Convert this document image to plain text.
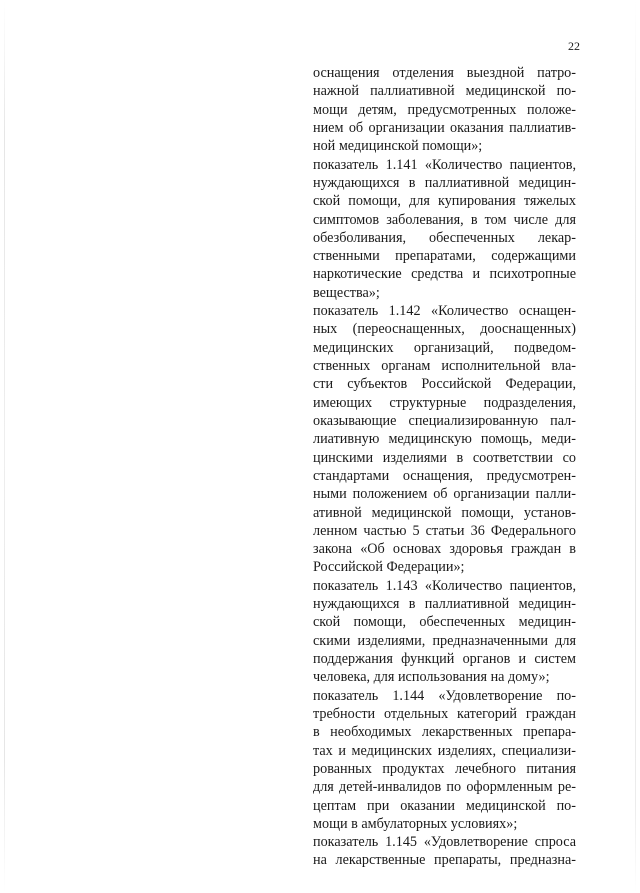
22
оснащения отделения выездной патро-
нажной паллиативной медицинской по-
мощи детям, предусмотренных положе-
нием об организации оказания паллиатив-
ной медицинской помощи»;
показатель 1.141 «Количество пациентов,
нуждающихся в паллиативной медицин-
ской помощи, для купирования тяжелых
симптомов заболевания, в том числе для
обезболивания, обеспеченных лекар-
ственными препаратами, содержащими
наркотические средства и психотропные
вещества»;
показатель 1.142 «Количество оснащен-
ных (переоснащенных, дооснащенных)
медицинских организаций, подведом-
ственных органам исполнительной вла-
сти субъектов Российской Федерации,
имеющих структурные подразделения,
оказывающие специализированную пал-
лиативную медицинскую помощь, меди-
цинскими изделиями в соответствии со
стандартами оснащения, предусмотрен-
ными положением об организации палли-
ативной медицинской помощи, установ-
ленном частью 5 статьи 36 Федерального
закона «Об основах здоровья граждан в
Российской Федерации»;
показатель 1.143 «Количество пациентов,
нуждающихся в паллиативной медицин-
ской помощи, обеспеченных медицин-
скими изделиями, предназначенными для
поддержания функций органов и систем
человека, для использования на дому»;
показатель 1.144 «Удовлетворение по-
требности отдельных категорий граждан
в необходимых лекарственных препара-
тах и медицинских изделиях, специализи-
рованных продуктах лечебного питания
для детей-инвалидов по оформленным ре-
цептам при оказании медицинской по-
мощи в амбулаторных условиях»;
показатель 1.145 «Удовлетворение спроса
на лекарственные препараты, предназна-
